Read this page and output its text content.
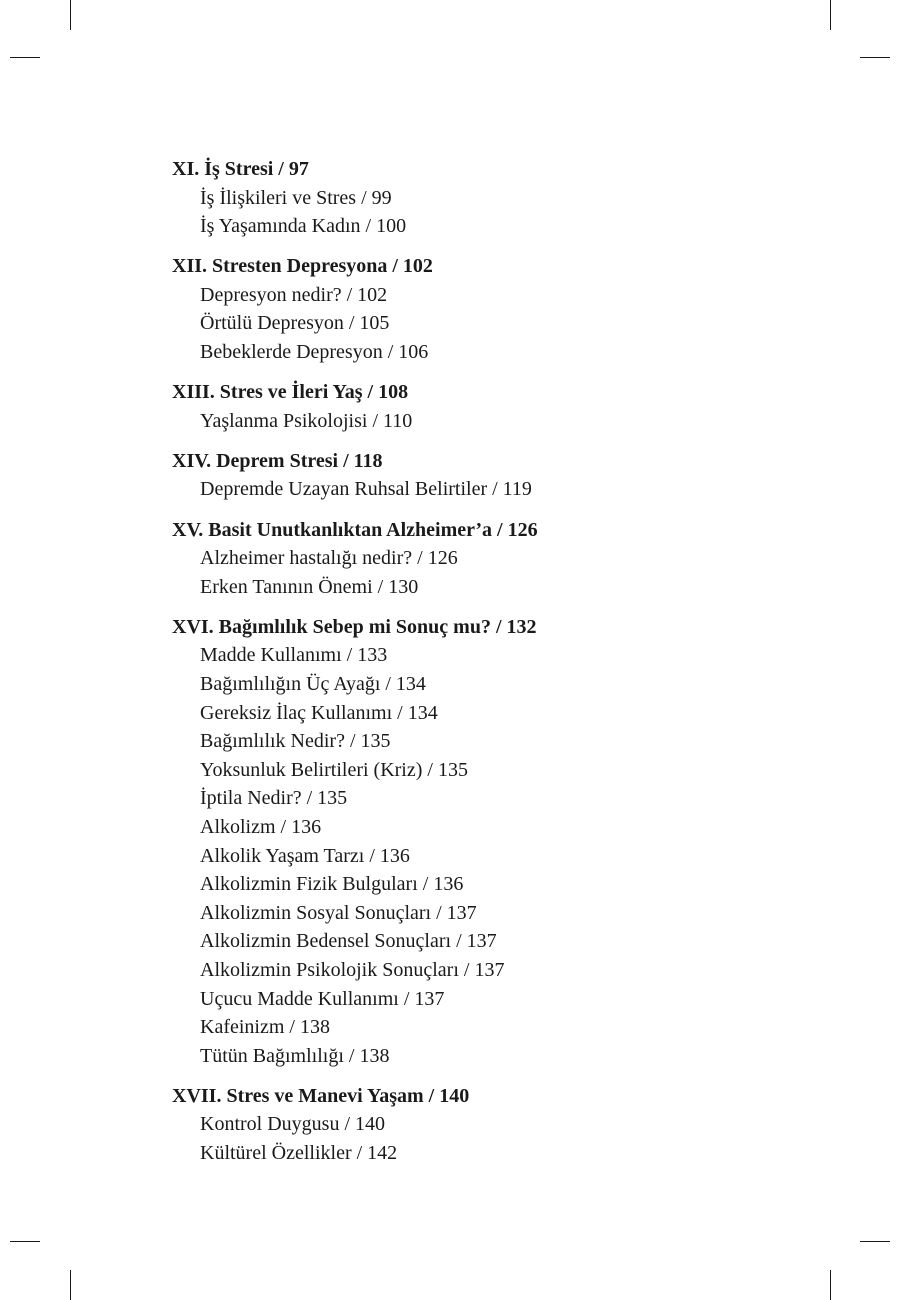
XI. İş Stresi / 97
İş İlişkileri ve Stres / 99
İş Yaşamında Kadın / 100
XII. Stresten Depresyona / 102
Depresyon nedir? / 102
Örtülü Depresyon / 105
Bebeklerde Depresyon / 106
XIII. Stres ve İleri Yaş / 108
Yaşlanma Psikolojisi / 110
XIV. Deprem Stresi / 118
Depremde Uzayan Ruhsal Belirtiler / 119
XV. Basit Unutkanlıktan Alzheimer’a / 126
Alzheimer hastalığı nedir? / 126
Erken Tanının Önemi / 130
XVI. Bağımlılık Sebep mi Sonuç mu? / 132
Madde Kullanımı / 133
Bağımlılığın Üç Ayağı / 134
Gereksiz İlaç Kullanımı / 134
Bağımlılık Nedir? / 135
Yoksunluk Belirtileri (Kriz) / 135
İptila Nedir? / 135
Alkolizm / 136
Alkolik Yaşam Tarzı / 136
Alkolizmin Fizik Bulguları / 136
Alkolizmin Sosyal Sonuçları / 137
Alkolizmin Bedensel Sonuçları / 137
Alkolizmin Psikolojik Sonuçları / 137
Uçucu Madde Kullanımı / 137
Kafeinizm / 138
Tütün Bağımlılığı / 138
XVII. Stres ve Manevi Yaşam / 140
Kontrol Duygusu / 140
Kültürel Özellikler / 142
